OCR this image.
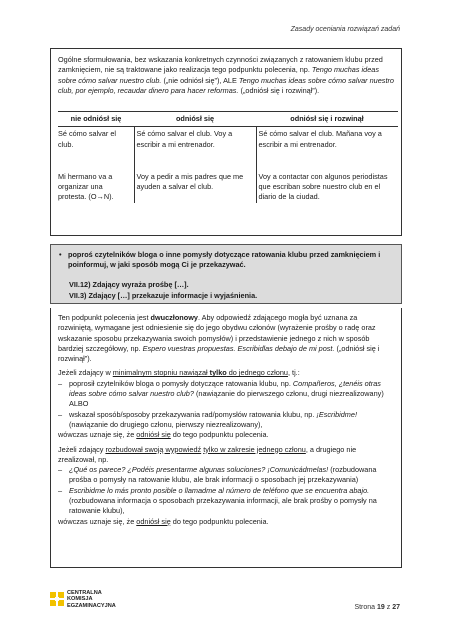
Zasady oceniania rozwiązań zadań

Ogólne sformułowania, bez wskazania konkretnych czynności związanych z ratowaniem klubu przed zamknięciem, nie są traktowane jako realizacja tego podpunktu polecenia, np. Tengo muchas ideas sobre cómo salvar nuestro club. („nie odniósł się”), ALE Tengo muchas ideas sobre cómo salvar nuestro club, por ejemplo, recaudar dinero para hacer reformas. („odniósł się i rozwinął”).

nie odniósł się	odniósł się	odniósł się i rozwinął
Sé cómo salvar el club.	Sé cómo salvar el club. Voy a escribir a mi entrenador.	Sé cómo salvar el club. Mañana voy a escribir a mi entrenador.
Mi hermano va a organizar una protesta. (O→N).	Voy a pedir a mis padres que me ayuden a salvar el club.	Voy a contactar con algunos periodistas que escriban sobre nuestro club en el diario de la ciudad.
• poproś czytelników bloga o inne pomysły dotyczące ratowania klubu przed zamknięciem i poinformuj, w jaki sposób mogą Ci je przekazywać.
VII.12) Zdający wyraża prośbę […].
VII.3) Zdający […] przekazuje informacje i wyjaśnienia.

Ten podpunkt polecenia jest dwuczłonowy. Aby odpowiedź zdającego mogła być uznana za rozwiniętą, wymagane jest odniesienie się do jego obydwu członów (wyrażenie prośby o radę oraz wskazanie sposobu przekazywania swoich pomysłów) i przedstawienie jednego z nich w sposób bardziej szczegółowy, np. Espero vuestras propuestas. Escribidlas debajo de mi post. („odniósł się i rozwinął”).

Jeżeli zdający w minimalnym stopniu nawiązał tylko do jednego członu, tj.:

– poprosił czytelników bloga o pomysły dotyczące ratowania klubu, np. Compañeros, ¿tenéis otras ideas sobre cómo salvar nuestro club? (nawiązanie do pierwszego członu, drugi niezrealizowany) ALBO
– wskazał sposób/sposoby przekazywania rad/pomysłów ratowania klubu, np. ¡Escribidme! (nawiązanie do drugiego członu, pierwszy niezrealizowany),

wówczas uznaje się, że odniósł się do tego podpunktu polecenia.

Jeżeli zdający rozbudował swoją wypowiedź tylko w zakresie jednego członu, a drugiego nie zrealizował, np.

– ¿Qué os parece? ¿Podéis presentarme algunas soluciones? ¡Comunicádmelas! (rozbudowana prośba o pomysły na ratowanie klubu, ale brak informacji o sposobach jej przekazywania)
– Escribidme lo más pronto posible o llamadme al número de teléfono que se encuentra abajo. (rozbudowana informacja o sposobach przekazywania informacji, ale brak prośby o pomysły na ratowanie klubu),

wówczas uznaje się, że odniósł się do tego podpunktu polecenia.

CENTRALNA
KOMISJA
EGZAMINACYJNA	Strona 19 z 27
